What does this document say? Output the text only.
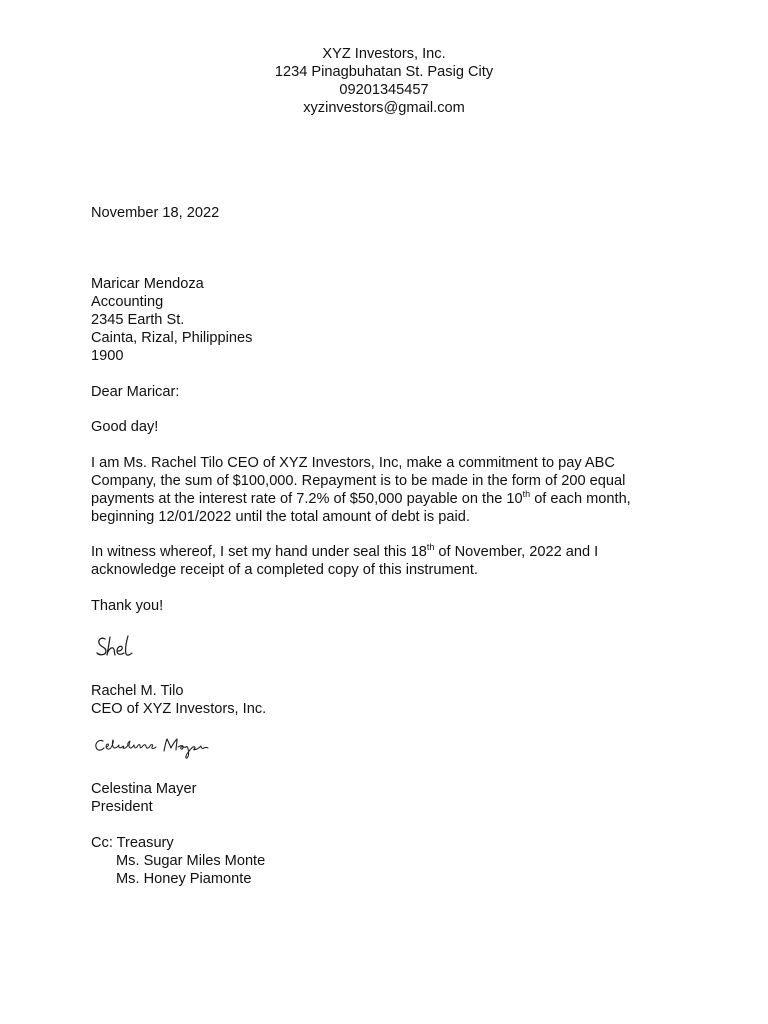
XYZ Investors, Inc.
1234 Pinagbuhatan St. Pasig City
09201345457
xyzinvestors@gmail.com
November 18, 2022
Maricar Mendoza
Accounting
2345 Earth St.
Cainta, Rizal, Philippines
1900
Dear Maricar:
Good day!

I am Ms. Rachel Tilo CEO of XYZ Investors, Inc, make a commitment to pay ABC Company, the sum of $100,000. Repayment is to be made in the form of 200 equal payments at the interest rate of 7.2% of $50,000 payable on the 10th of each month, beginning 12/01/2022 until the total amount of debt is paid.

In witness whereof, I set my hand under seal this 18th of November, 2022 and I acknowledge receipt of a completed copy of this instrument.

Thank you!
Rachel M. Tilo
CEO of XYZ Investors, Inc.
Celestina Mayer
President
Cc: Treasury
Ms. Sugar Miles Monte
Ms. Honey Piamonte
